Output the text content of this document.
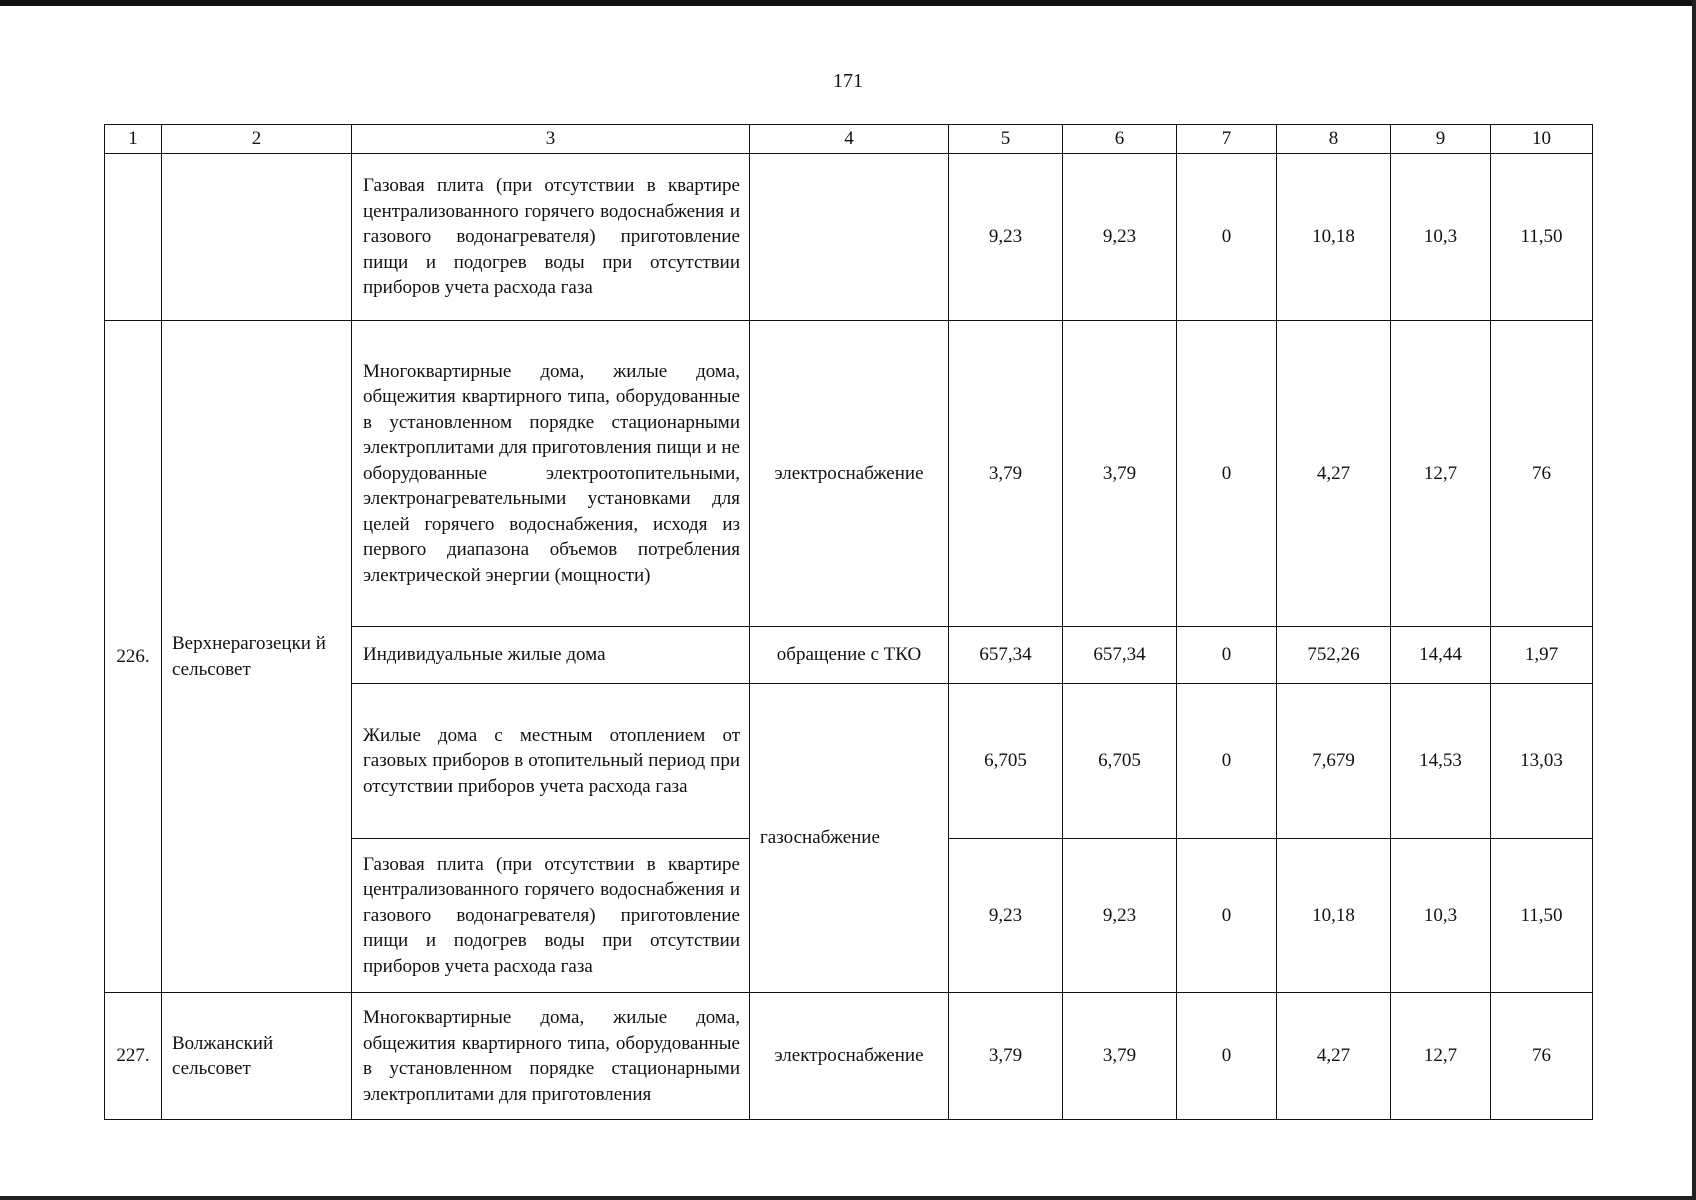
171
1	2	3	4	5	6	7	8	9	10
		Газовая плита (при отсутствии в квартире централизованного горячего водоснабжения и газового водонагревателя) приготовление пищи и подогрев воды при отсутствии приборов учета расхода газа		9,23	9,23	0	10,18	10,3	11,50
226.	Верхнерагозецки й сельсовет	Многоквартирные дома, жилые дома, общежития квартирного типа, оборудованные в установленном порядке стационарными электроплитами для приготовления пищи и не оборудованные электроотопительными, электронагревательными установками для целей горячего водоснабжения, исходя из первого диапазона объемов потребления электрической энергии (мощности)	электроснабжение	3,79	3,79	0	4,27	12,7	76
		Индивидуальные жилые дома	обращение с ТКО	657,34	657,34	0	752,26	14,44	1,97
		Жилые дома с местным отоплением от газовых приборов в отопительный период при отсутствии приборов учета расхода газа	газоснабжение	6,705	6,705	0	7,679	14,53	13,03
		Газовая плита (при отсутствии в квартире централизованного горячего водоснабжения и газового водонагревателя) приготовление пищи и подогрев воды при отсутствии приборов учета расхода газа		9,23	9,23	0	10,18	10,3	11,50
227.	Волжанский сельсовет	Многоквартирные дома, жилые дома, общежития квартирного типа, оборудованные в установленном порядке стационарными электроплитами для приготовления	электроснабжение	3,79	3,79	0	4,27	12,7	76
